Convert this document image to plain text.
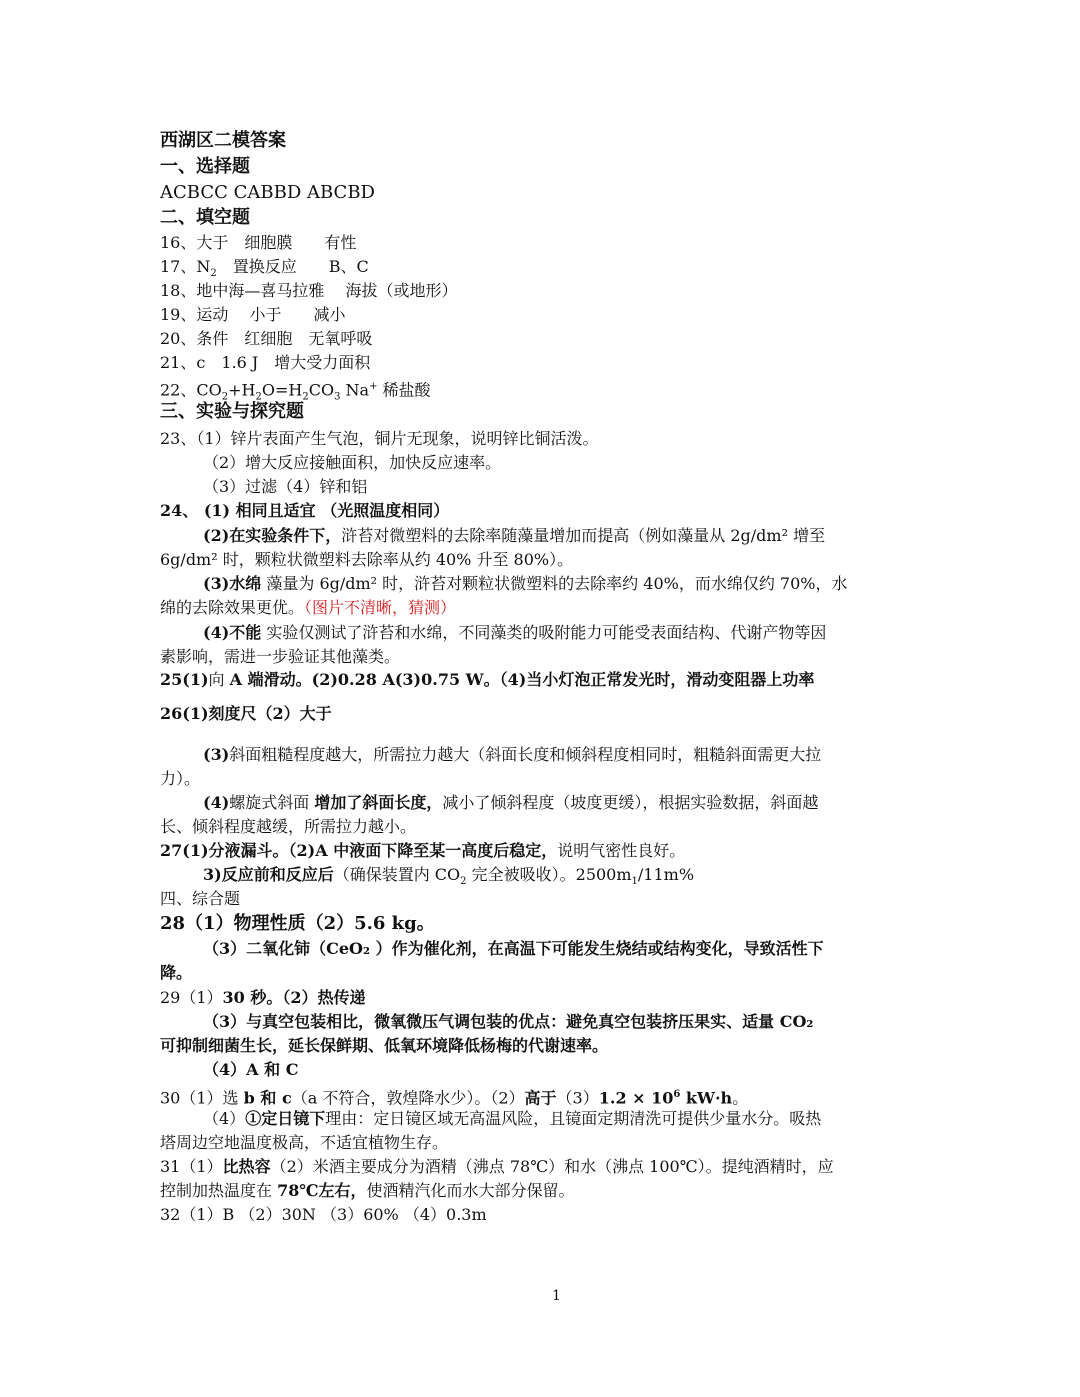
西湖区二模答案
一、选择题
ACBCC CABBD ABCBD
二、填空题
16、大于　细胞膜　　有性
17、$N_2$　置换反应　　B、C
18、地中海—喜马拉雅　 海拔（或地形）
19、运动　 小于　　减小
20、条件　红细胞　无氧呼吸
21、c　1.6 J　增大受力面积
22、$CO_2+H_2O=H_2CO_3$ Na+ 稀盐酸
三、实验与探究题
23、（1）锌片表面产生气泡，铜片无现象，说明锌比铜活泼。
（2）增大反应接触面积，加快反应速率。
（3）过滤（4）锌和铝
24、 (1) 相同且适宜 （光照温度相同）
(2)在实验条件下，浒苔对微塑料的去除率随藻量增加而提高（例如藻量从 2g/dm² 增至
6g/dm² 时，颗粒状微塑料去除率从约 40% 升至 80%）。
(3)水绵 藻量为 6g/dm² 时，浒苔对颗粒状微塑料的去除率约 40%，而水绵仅约 70%，水
绵的去除效果更优。（图片不清晰，猜测）
(4)不能 实验仅测试了浒苔和水绵，不同藻类的吸附能力可能受表面结构、代谢产物等因
素影响，需进一步验证其他藻类。
25(1)向 A 端滑动。(2)0.28 A(3)0.75 W。（4)当小灯泡正常发光时，滑动变阻器上功率
26(1)刻度尺（2）大于
(3)斜面粗糙程度越大，所需拉力越大（斜面长度和倾斜程度相同时，粗糙斜面需更大拉
力）。
(4)螺旋式斜面 增加了斜面长度，减小了倾斜程度（坡度更缓），根据实验数据，斜面越
长、倾斜程度越缓，所需拉力越小。
27(1)分液漏斗。（2)A 中液面下降至某一高度后稳定，说明气密性良好。
3)反应前和反应后（确保装置内 $CO_2$ 完全被吸收）。$2500m_1/11m\%$
四、综合题
28（1）物理性质（2）5.6 kg。
（3）二氧化铈（CeO₂ ）作为催化剂，在高温下可能发生烧结或结构变化，导致活性下
降。
29（1）30 秒。（2）热传递
（3）与真空包装相比，微氧微压气调包装的优点：避免真空包装挤压果实、适量 CO₂
可抑制细菌生长，延长保鲜期、低氧环境降低杨梅的代谢速率。
（4）A 和 C
30（1）选 b 和 c（a 不符合，敦煌降水少）。（2）高于$(3)1.2 \times 10^6$ kW·h。
（4）①定日镜下理由：定日镜区域无高温风险，且镜面定期清洗可提供少量水分。吸热
塔周边空地温度极高，不适宜植物生存。
31（1）比热容（2）米酒主要成分为酒精（沸点 78℃）和水（沸点 100℃）。提纯酒精时，应
控制加热温度在 78℃左右，使酒精汽化而水大部分保留。
32（1）B （2）30N （3）60% （4）0.3m
1
